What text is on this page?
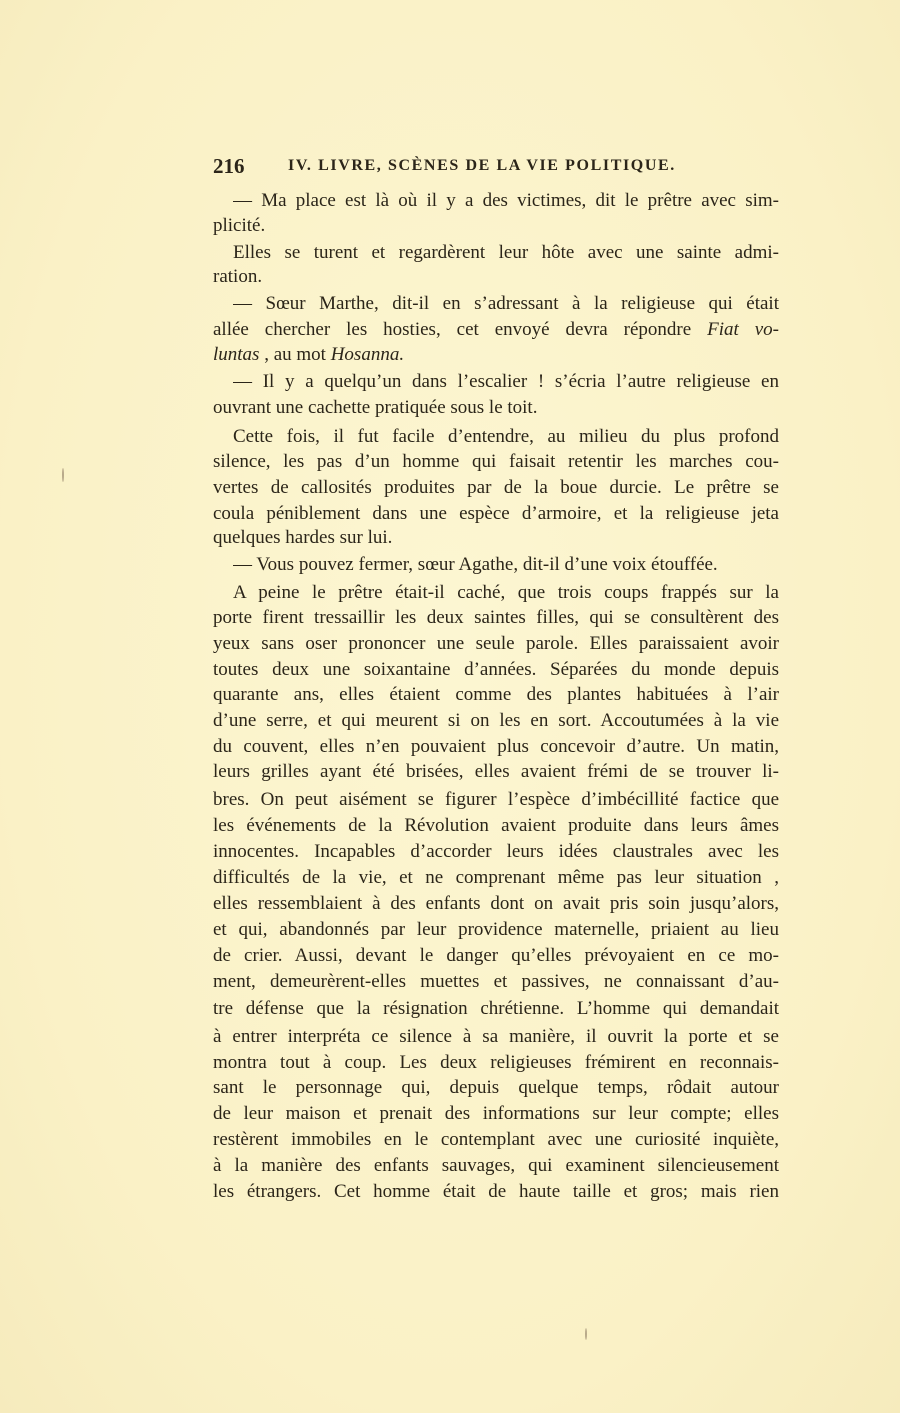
216	IV. LIVRE, SCÈNES DE LA VIE POLITIQUE.
— Ma place est là où il y a des victimes, dit le prêtre avec sim-
plicité.
Elles se turent et regardèrent leur hôte avec une sainte admi-
ration.
— Sœur Marthe, dit-il en s’adressant à la religieuse qui était
allée chercher les hosties, cet envoyé devra répondre Fiat vo-
luntas , au mot Hosanna.
— Il y a quelqu’un dans l’escalier ! s’écria l’autre religieuse en
ouvrant une cachette pratiquée sous le toit.
Cette fois, il fut facile d’entendre, au milieu du plus profond
silence, les pas d’un homme qui faisait retentir les marches cou-
vertes de callosités produites par de la boue durcie. Le prêtre se
coula péniblement dans une espèce d’armoire, et la religieuse jeta
quelques hardes sur lui.
— Vous pouvez fermer, sœur Agathe, dit-il d’une voix étouffée.
A peine le prêtre était-il caché, que trois coups frappés sur la
porte firent tressaillir les deux saintes filles, qui se consultèrent des
yeux sans oser prononcer une seule parole. Elles paraissaient avoir
toutes deux une soixantaine d’années. Séparées du monde depuis
quarante ans, elles étaient comme des plantes habituées à l’air
d’une serre, et qui meurent si on les en sort. Accoutumées à la vie
du couvent, elles n’en pouvaient plus concevoir d’autre. Un matin,
leurs grilles ayant été brisées, elles avaient frémi de se trouver li-
bres. On peut aisément se figurer l’espèce d’imbécillité factice que
les événements de la Révolution avaient produite dans leurs âmes
innocentes. Incapables d’accorder leurs idées claustrales avec les
difficultés de la vie, et ne comprenant même pas leur situation ,
elles ressemblaient à des enfants dont on avait pris soin jusqu’alors,
et qui, abandonnés par leur providence maternelle, priaient au lieu
de crier. Aussi, devant le danger qu’elles prévoyaient en ce mo-
ment, demeurèrent-elles muettes et passives, ne connaissant d’au-
tre défense que la résignation chrétienne. L’homme qui demandait
à entrer interpréta ce silence à sa manière, il ouvrit la porte et se
montra tout à coup. Les deux religieuses frémirent en reconnais-
sant le personnage qui, depuis quelque temps, rôdait autour
de leur maison et prenait des informations sur leur compte; elles
restèrent immobiles en le contemplant avec une curiosité inquiète,
à la manière des enfants sauvages, qui examinent silencieusement
les étrangers. Cet homme était de haute taille et gros; mais rien
